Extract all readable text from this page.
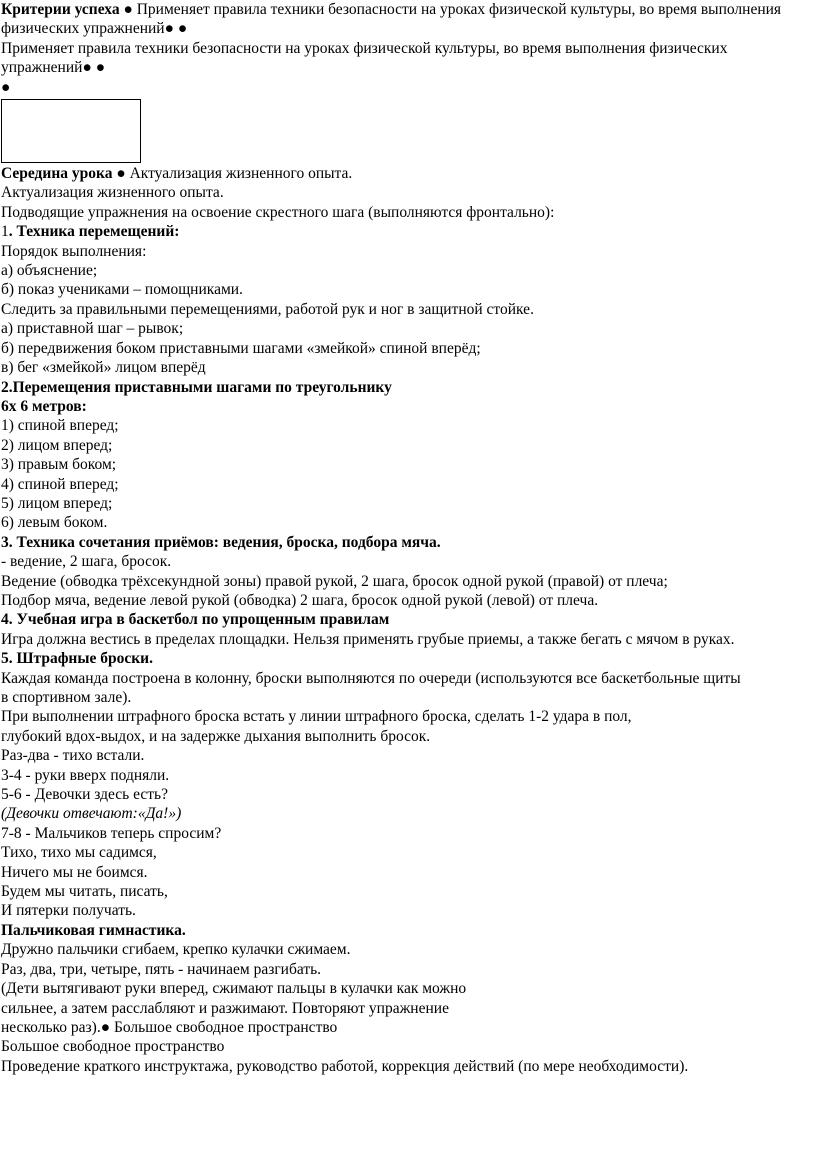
Критерии успеха ● Применяет правила техники безопасности на уроках физической культуры, во время выполнения физических упражнений● ●

Применяет правила техники безопасности на уроках физической культуры, во время выполнения физических упражнений● ●

●

Середина урока ● Актуализация жизненного опыта.

Актуализация жизненного опыта.

Подводящие упражнения на освоение скрестного шага (выполняются фронтально):

1. Техника перемещений:

Порядок выполнения:

а) объяснение;

б) показ учениками – помощниками.

Следить за правильными перемещениями, работой рук и ног в защитной стойке.

а) приставной шаг – рывок;

б) передвижения боком приставными шагами «змейкой» спиной вперёд;

в) бег «змейкой» лицом вперёд

2.Перемещения приставными шагами по треугольнику

6х 6 метров:

1) спиной вперед;

2) лицом вперед;

3) правым боком;

4) спиной вперед;

5) лицом вперед;

6) левым боком.

3. Техника сочетания приёмов: ведения, броска, подбора мяча.

- ведение, 2 шага, бросок.

Ведение (обводка трёхсекундной зоны) правой рукой, 2 шага, бросок одной рукой (правой) от плеча;

Подбор мяча, ведение левой рукой (обводка) 2 шага, бросок одной рукой (левой) от плеча.

4. Учебная игра в баскетбол по упрощенным правилам

Игра должна вестись в пределах площадки. Нельзя применять грубые приемы, а также бегать с мячом в руках.

5. Штрафные броски.

Каждая команда построена в колонну, броски выполняются по очереди (используются все баскетбольные щиты

в спортивном зале).

При выполнении штрафного броска встать у линии штрафного броска, сделать 1-2 удара в пол,

глубокий вдох-выдох, и на задержке дыхания выполнить бросок.

Раз-два - тихо встали.

3-4 - руки вверх подняли.

5-6 - Девочки здесь есть?

(Девочки отвечают:«Да!»)

7-8 - Мальчиков теперь спросим?

Тихо, тихо мы садимся,

Ничего мы не боимся.

Будем мы читать, писать,

И пятерки получать.

Пальчиковая гимнастика.

Дружно пальчики сгибаем, крепко кулачки сжимаем.

Раз, два, три, четыре, пять - начинаем разгибать.

(Дети вытягивают руки вперед, сжимают пальцы в кулачки как можно

сильнее, а затем расслабляют и разжимают. Повторяют упражнение

несколько раз).● Большое свободное пространство

Большое свободное пространство

Проведение краткого инструктажа, руководство работой, коррекция действий (по мере необходимости).
